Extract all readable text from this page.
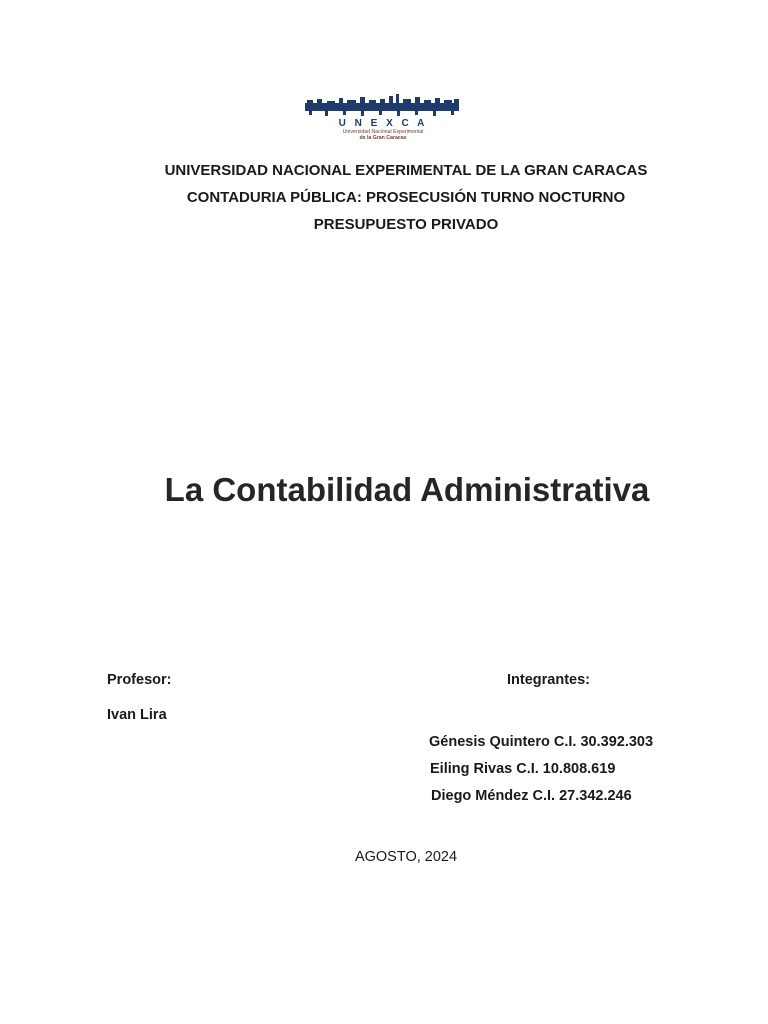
U N E X C A
Universidad Nacional Experimental
de la Gran Caracas
UNIVERSIDAD NACIONAL EXPERIMENTAL DE LA GRAN CARACAS
CONTADURIA PÚBLICA: PROSECUSIÓN TURNO NOCTURNO
PRESUPUESTO PRIVADO
La Contabilidad Administrativa
Profesor:
Ivan Lira
Integrantes:
Génesis Quintero C.I. 30.392.303
Eiling Rivas C.I. 10.808.619
Diego Méndez C.I. 27.342.246
AGOSTO, 2024
